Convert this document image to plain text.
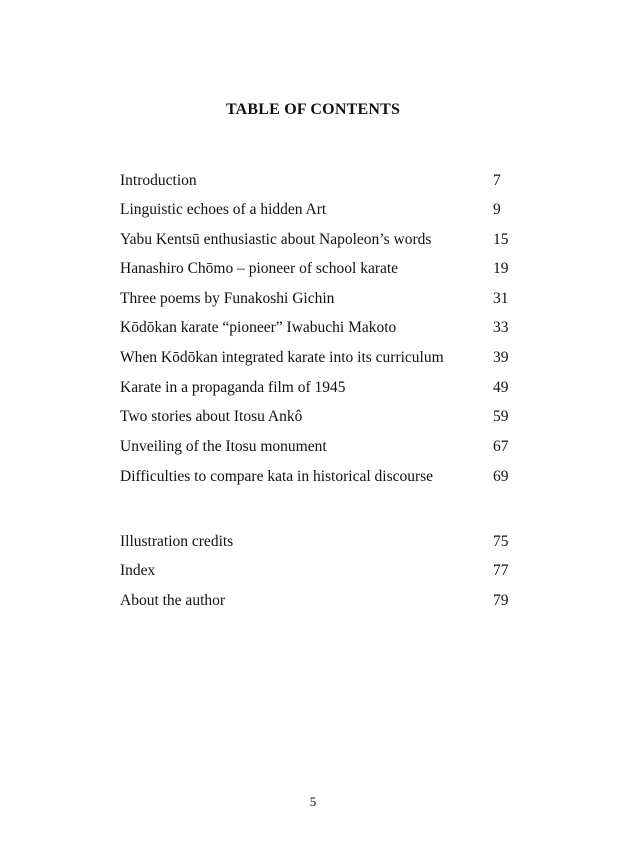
TABLE OF CONTENTS
Introduction	7
Linguistic echoes of a hidden Art	9
Yabu Kentsū enthusiastic about Napoleon’s words	15
Hanashiro Chōmo – pioneer of school karate	19
Three poems by Funakoshi Gichin	31
Kōdōkan karate “pioneer” Iwabuchi Makoto	33
When Kōdōkan integrated karate into its curriculum	39
Karate in a propaganda film of 1945	49
Two stories about Itosu Ankô	59
Unveiling of the Itosu monument	67
Difficulties to compare kata in historical discourse	69
Illustration credits	75
Index	77
About the author	79
5
